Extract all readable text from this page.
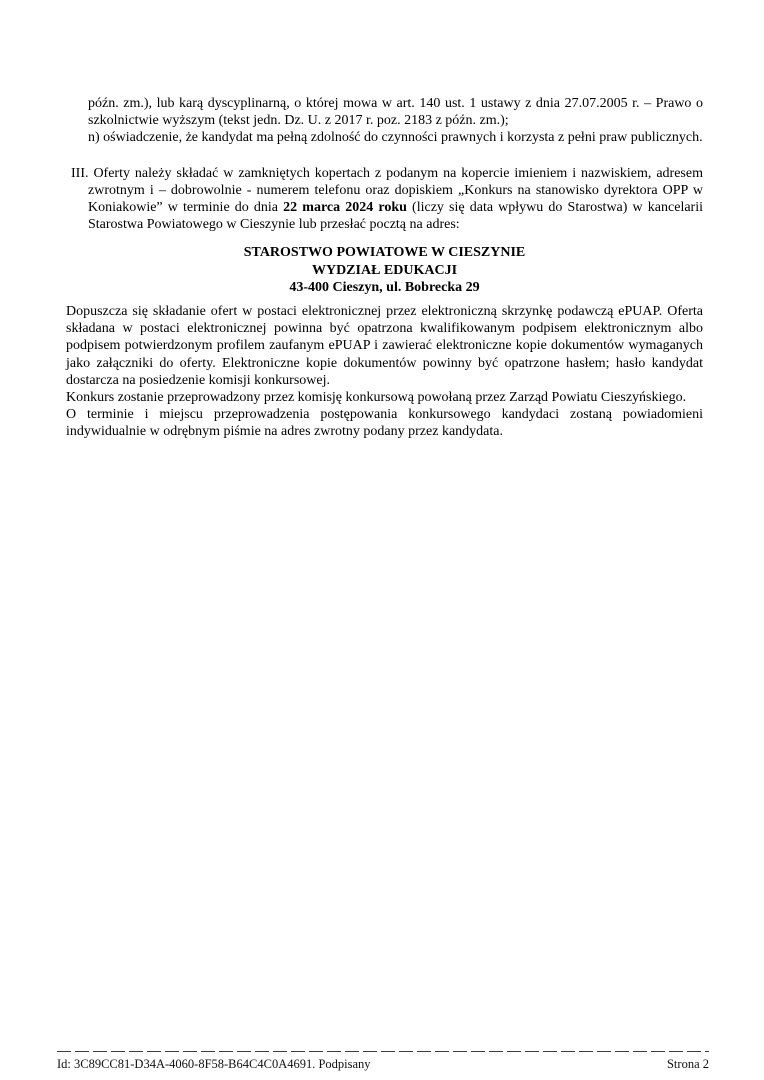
późn. zm.), lub karą dyscyplinarną, o której mowa w art. 140 ust. 1 ustawy z dnia 27.07.2005 r. – Prawo o szkolnictwie wyższym (tekst jedn. Dz. U. z 2017 r. poz. 2183 z późn. zm.);

n) oświadczenie, że kandydat ma pełną zdolność do czynności prawnych i korzysta z pełni praw publicznych.

III. Oferty należy składać w zamkniętych kopertach z podanym na kopercie imieniem i nazwiskiem, adresem zwrotnym i – dobrowolnie - numerem telefonu oraz dopiskiem „Konkurs na stanowisko dyrektora OPP w Koniakowie” w terminie do dnia 22 marca 2024 roku (liczy się data wpływu do Starostwa) w kancelarii Starostwa Powiatowego w Cieszynie lub przesłać pocztą na adres:

STAROSTWO POWIATOWE W CIESZYNIE

WYDZIAŁ EDUKACJI

43-400 Cieszyn, ul. Bobrecka 29

Dopuszcza się składanie ofert w postaci elektronicznej przez elektroniczną skrzynkę podawczą ePUAP. Oferta składana w postaci elektronicznej powinna być opatrzona kwalifikowanym podpisem elektronicznym albo podpisem potwierdzonym profilem zaufanym ePUAP i zawierać elektroniczne kopie dokumentów wymaganych jako załączniki do oferty. Elektroniczne kopie dokumentów powinny być opatrzone hasłem; hasło kandydat dostarcza na posiedzenie komisji konkursowej.

Konkurs zostanie przeprowadzony przez komisję konkursową powołaną przez Zarząd Powiatu Cieszyńskiego.

O terminie i miejscu przeprowadzenia postępowania konkursowego kandydaci zostaną powiadomieni indywidualnie w odrębnym piśmie na adres zwrotny podany przez kandydata.

Id: 3C89CC81-D34A-4060-8F58-B64C4C0A4691. Podpisany	Strona 2
